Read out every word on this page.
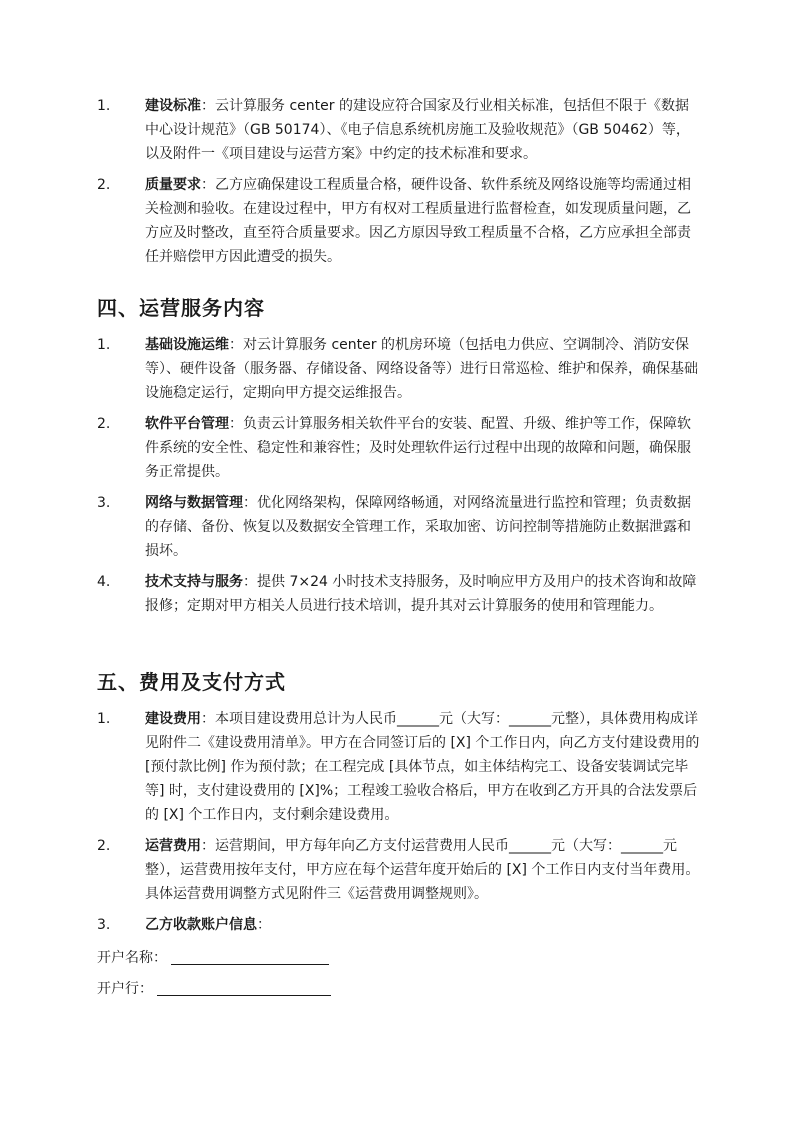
1. 建设标准：云计算服务 center 的建设应符合国家及行业相关标准，包括但不限于《数据中心设计规范》（GB 50174）、《电子信息系统机房施工及验收规范》（GB 50462）等，以及附件一《项目建设与运营方案》中约定的技术标准和要求。
2. 质量要求：乙方应确保建设工程质量合格，硬件设备、软件系统及网络设施等均需通过相关检测和验收。在建设过程中，甲方有权对工程质量进行监督检查，如发现质量问题，乙方应及时整改，直至符合质量要求。因乙方原因导致工程质量不合格，乙方应承担全部责任并赔偿甲方因此遭受的损失。
四、运营服务内容
1. 基础设施运维：对云计算服务 center 的机房环境（包括电力供应、空调制冷、消防安保等）、硬件设备（服务器、存储设备、网络设备等）进行日常巡检、维护和保养，确保基础设施稳定运行，定期向甲方提交运维报告。
2. 软件平台管理：负责云计算服务相关软件平台的安装、配置、升级、维护等工作，保障软件系统的安全性、稳定性和兼容性；及时处理软件运行过程中出现的故障和问题，确保服务正常提供。
3. 网络与数据管理：优化网络架构，保障网络畅通，对网络流量进行监控和管理；负责数据的存储、备份、恢复以及数据安全管理工作，采取加密、访问控制等措施防止数据泄露和损坏。
4. 技术支持与服务：提供 7×24 小时技术支持服务，及时响应甲方及用户的技术咨询和故障报修；定期对甲方相关人员进行技术培训，提升其对云计算服务的使用和管理能力。
五、费用及支付方式
1. 建设费用：本项目建设费用总计为人民币______元（大写：______元整），具体费用构成详见附件二《建设费用清单》。甲方在合同签订后的 [X] 个工作日内，向乙方支付建设费用的 [预付款比例] 作为预付款；在工程完成 [具体节点，如主体结构完工、设备安装调试完毕等] 时，支付建设费用的 [X]%；工程竣工验收合格后，甲方在收到乙方开具的合法发票后的 [X] 个工作日内，支付剩余建设费用。
2. 运营费用：运营期间，甲方每年向乙方支付运营费用人民币______元（大写：______元整），运营费用按年支付，甲方应在每个运营年度开始后的 [X] 个工作日内支付当年费用。具体运营费用调整方式见附件三《运营费用调整规则》。
3. 乙方收款账户信息：
开户名称：
开户行：
